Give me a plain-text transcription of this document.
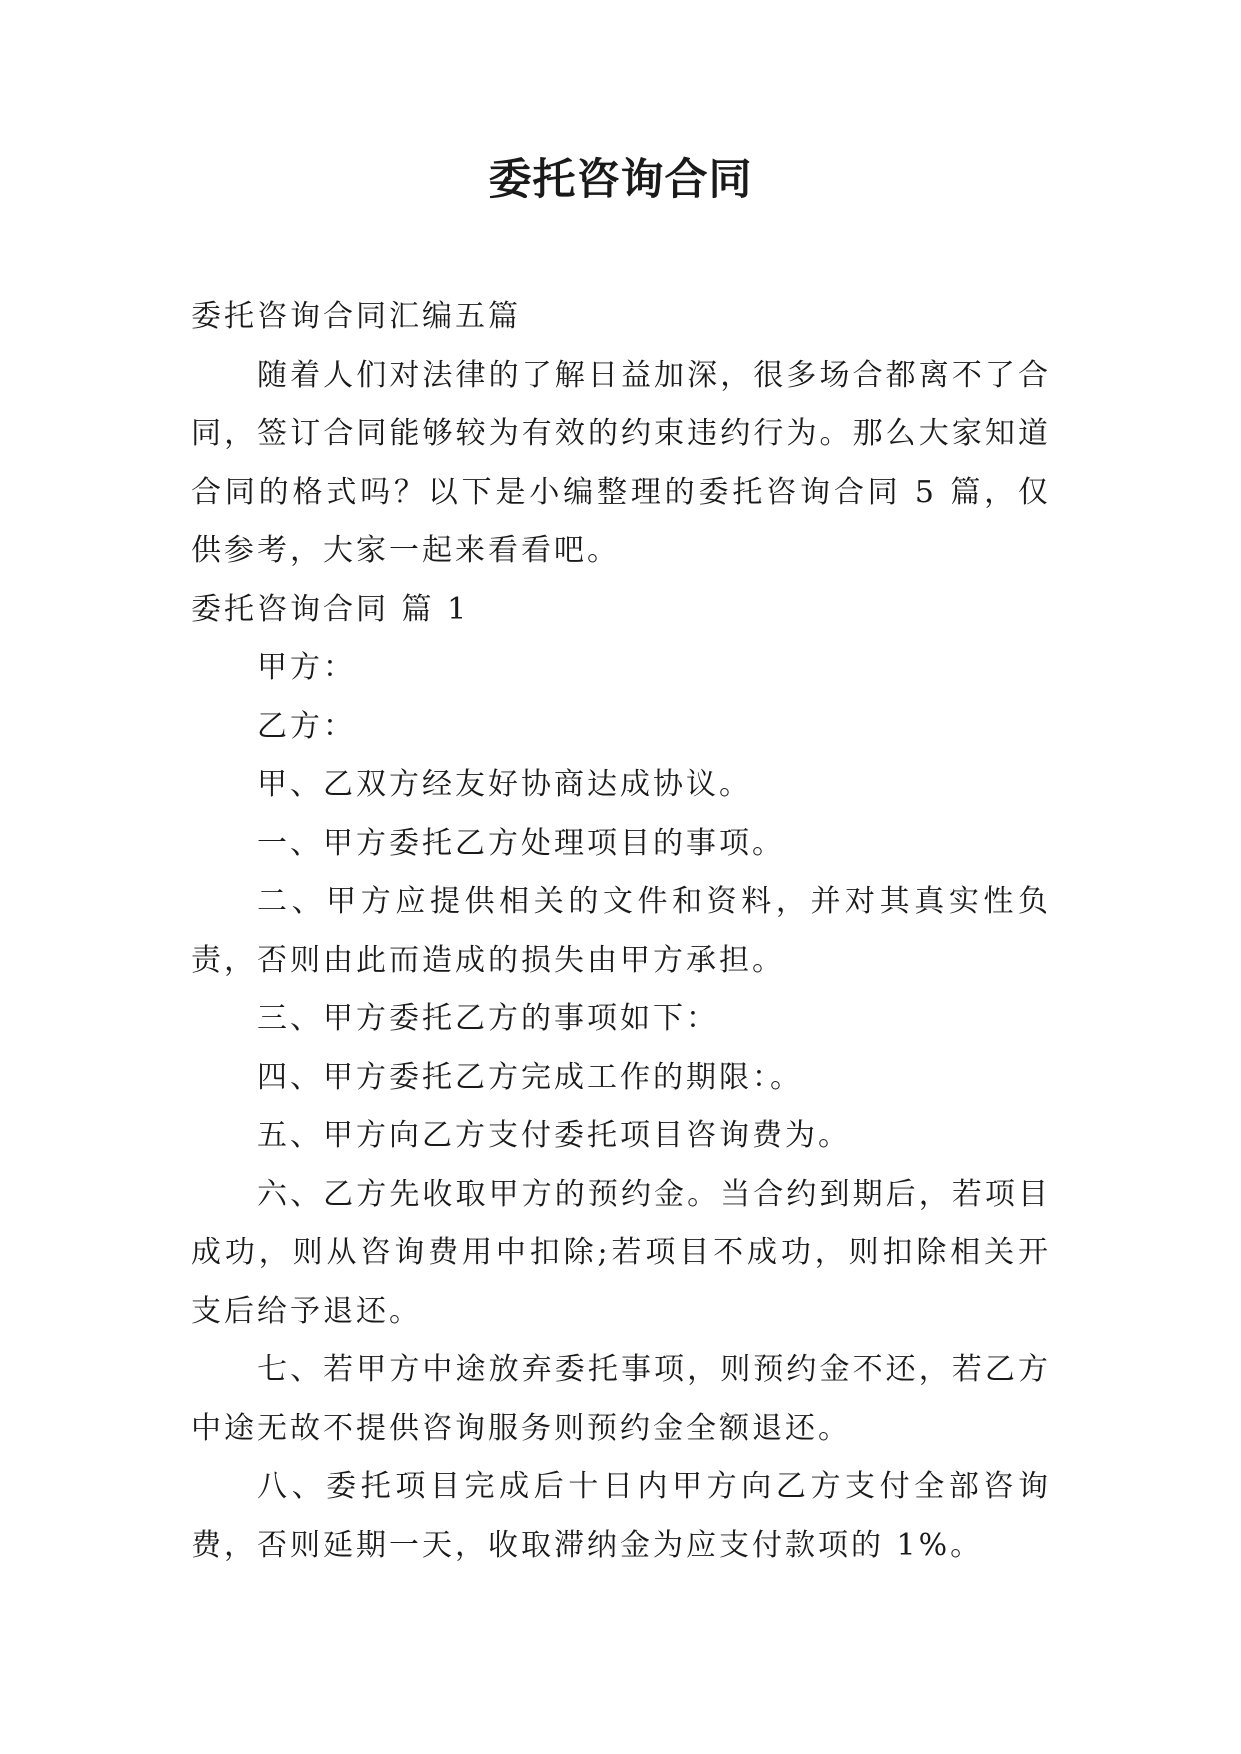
委托咨询合同

委托咨询合同汇编五篇

随着人们对法律的了解日益加深，很多场合都离不了合同，签订合同能够较为有效的约束违约行为。那么大家知道合同的格式吗？以下是小编整理的委托咨询合同 5 篇，仅供参考，大家一起来看看吧。

委托咨询合同 篇 1

甲方：

乙方：

甲、乙双方经友好协商达成协议。

一、甲方委托乙方处理项目的事项。

二、甲方应提供相关的文件和资料，并对其真实性负责，否则由此而造成的损失由甲方承担。

三、甲方委托乙方的事项如下：

四、甲方委托乙方完成工作的期限：。

五、甲方向乙方支付委托项目咨询费为。

六、乙方先收取甲方的预约金。当合约到期后，若项目成功，则从咨询费用中扣除;若项目不成功，则扣除相关开支后给予退还。

七、若甲方中途放弃委托事项，则预约金不还，若乙方中途无故不提供咨询服务则预约金全额退还。

八、委托项目完成后十日内甲方向乙方支付全部咨询费，否则延期一天，收取滞纳金为应支付款项的 1%。
